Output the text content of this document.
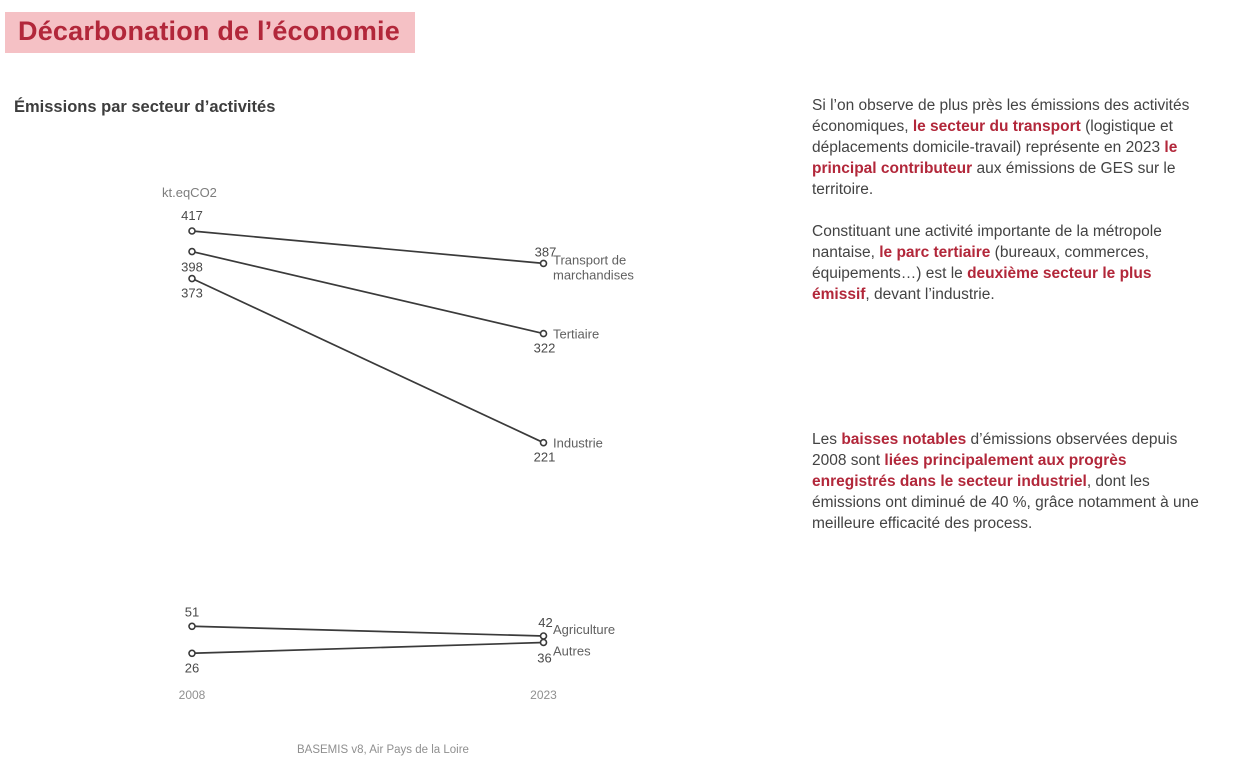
Décarbonation de l’économie
Émissions par secteur d’activités
kt.eqCO2
2008	2023
417
387
Transport de
marchandises
398
322
Tertiaire
373
221
Industrie
51
42 Agriculture
26
36 Autres

Si l’on observe de plus près les émissions des activités économiques, le secteur du transport (logistique et déplacements domicile-travail) représente en 2023 le principal contributeur aux émissions de GES sur le territoire.

Constituant une activité importante de la métropole nantaise, le parc tertiaire (bureaux, commerces, équipements…) est le deuxième secteur le plus émissif, devant l’industrie.

Les baisses notables d’émissions observées depuis 2008 sont liées principalement aux progrès enregistrés dans le secteur industriel, dont les émissions ont diminué de 40 %, grâce notamment à une meilleure efficacité des process.

BASEMIS v8, Air Pays de la Loire
